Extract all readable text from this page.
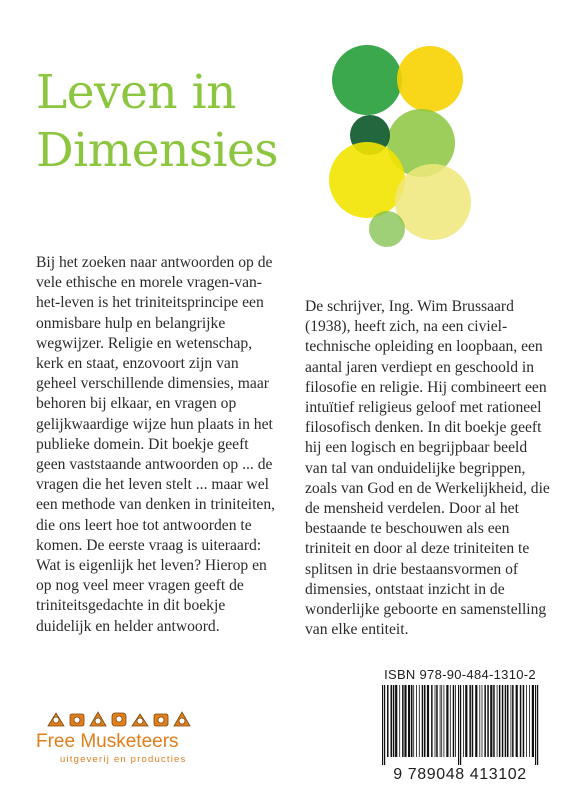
Leven in
Dimensies

Bij het zoeken naar antwoorden op de vele ethische en morele vragen-van-het-leven is het triniteitsprincipe een onmisbare hulp en belangrijke wegwijzer. Religie en wetenschap, kerk en staat, enzovoort zijn van geheel verschillende dimensies, maar behoren bij elkaar, en vragen op gelijkwaardige wijze hun plaats in het publieke domein. Dit boekje geeft geen vaststaande antwoorden op ... de vragen die het leven stelt ... maar wel een methode van denken in triniteiten, die ons leert hoe tot antwoorden te komen. De eerste vraag is uiteraard: Wat is eigenlijk het leven? Hierop en op nog veel meer vragen geeft de triniteitsgedachte in dit boekje duidelijk en helder antwoord.

De schrijver, Ing. Wim Brussaard (1938), heeft zich, na een civiel-technische opleiding en loopbaan, een aantal jaren verdiept en geschoold in filosofie en religie. Hij combineert een intuïtief religieus geloof met rationeel filosofisch denken. In dit boekje geeft hij een logisch en begrijpbaar beeld van tal van onduidelijke begrippen, zoals van God en de Werkelijkheid, die de mensheid verdelen. Door al het bestaande te beschouwen als een triniteit en door al deze triniteiten te splitsen in drie bestaansvormen of dimensies, ontstaat inzicht in de wonderlijke geboorte en samenstelling van elke entiteit.

ISBN 978-90-484-1310-2
9 789048 413102

Free Musketeers

uitgeverij en producties
